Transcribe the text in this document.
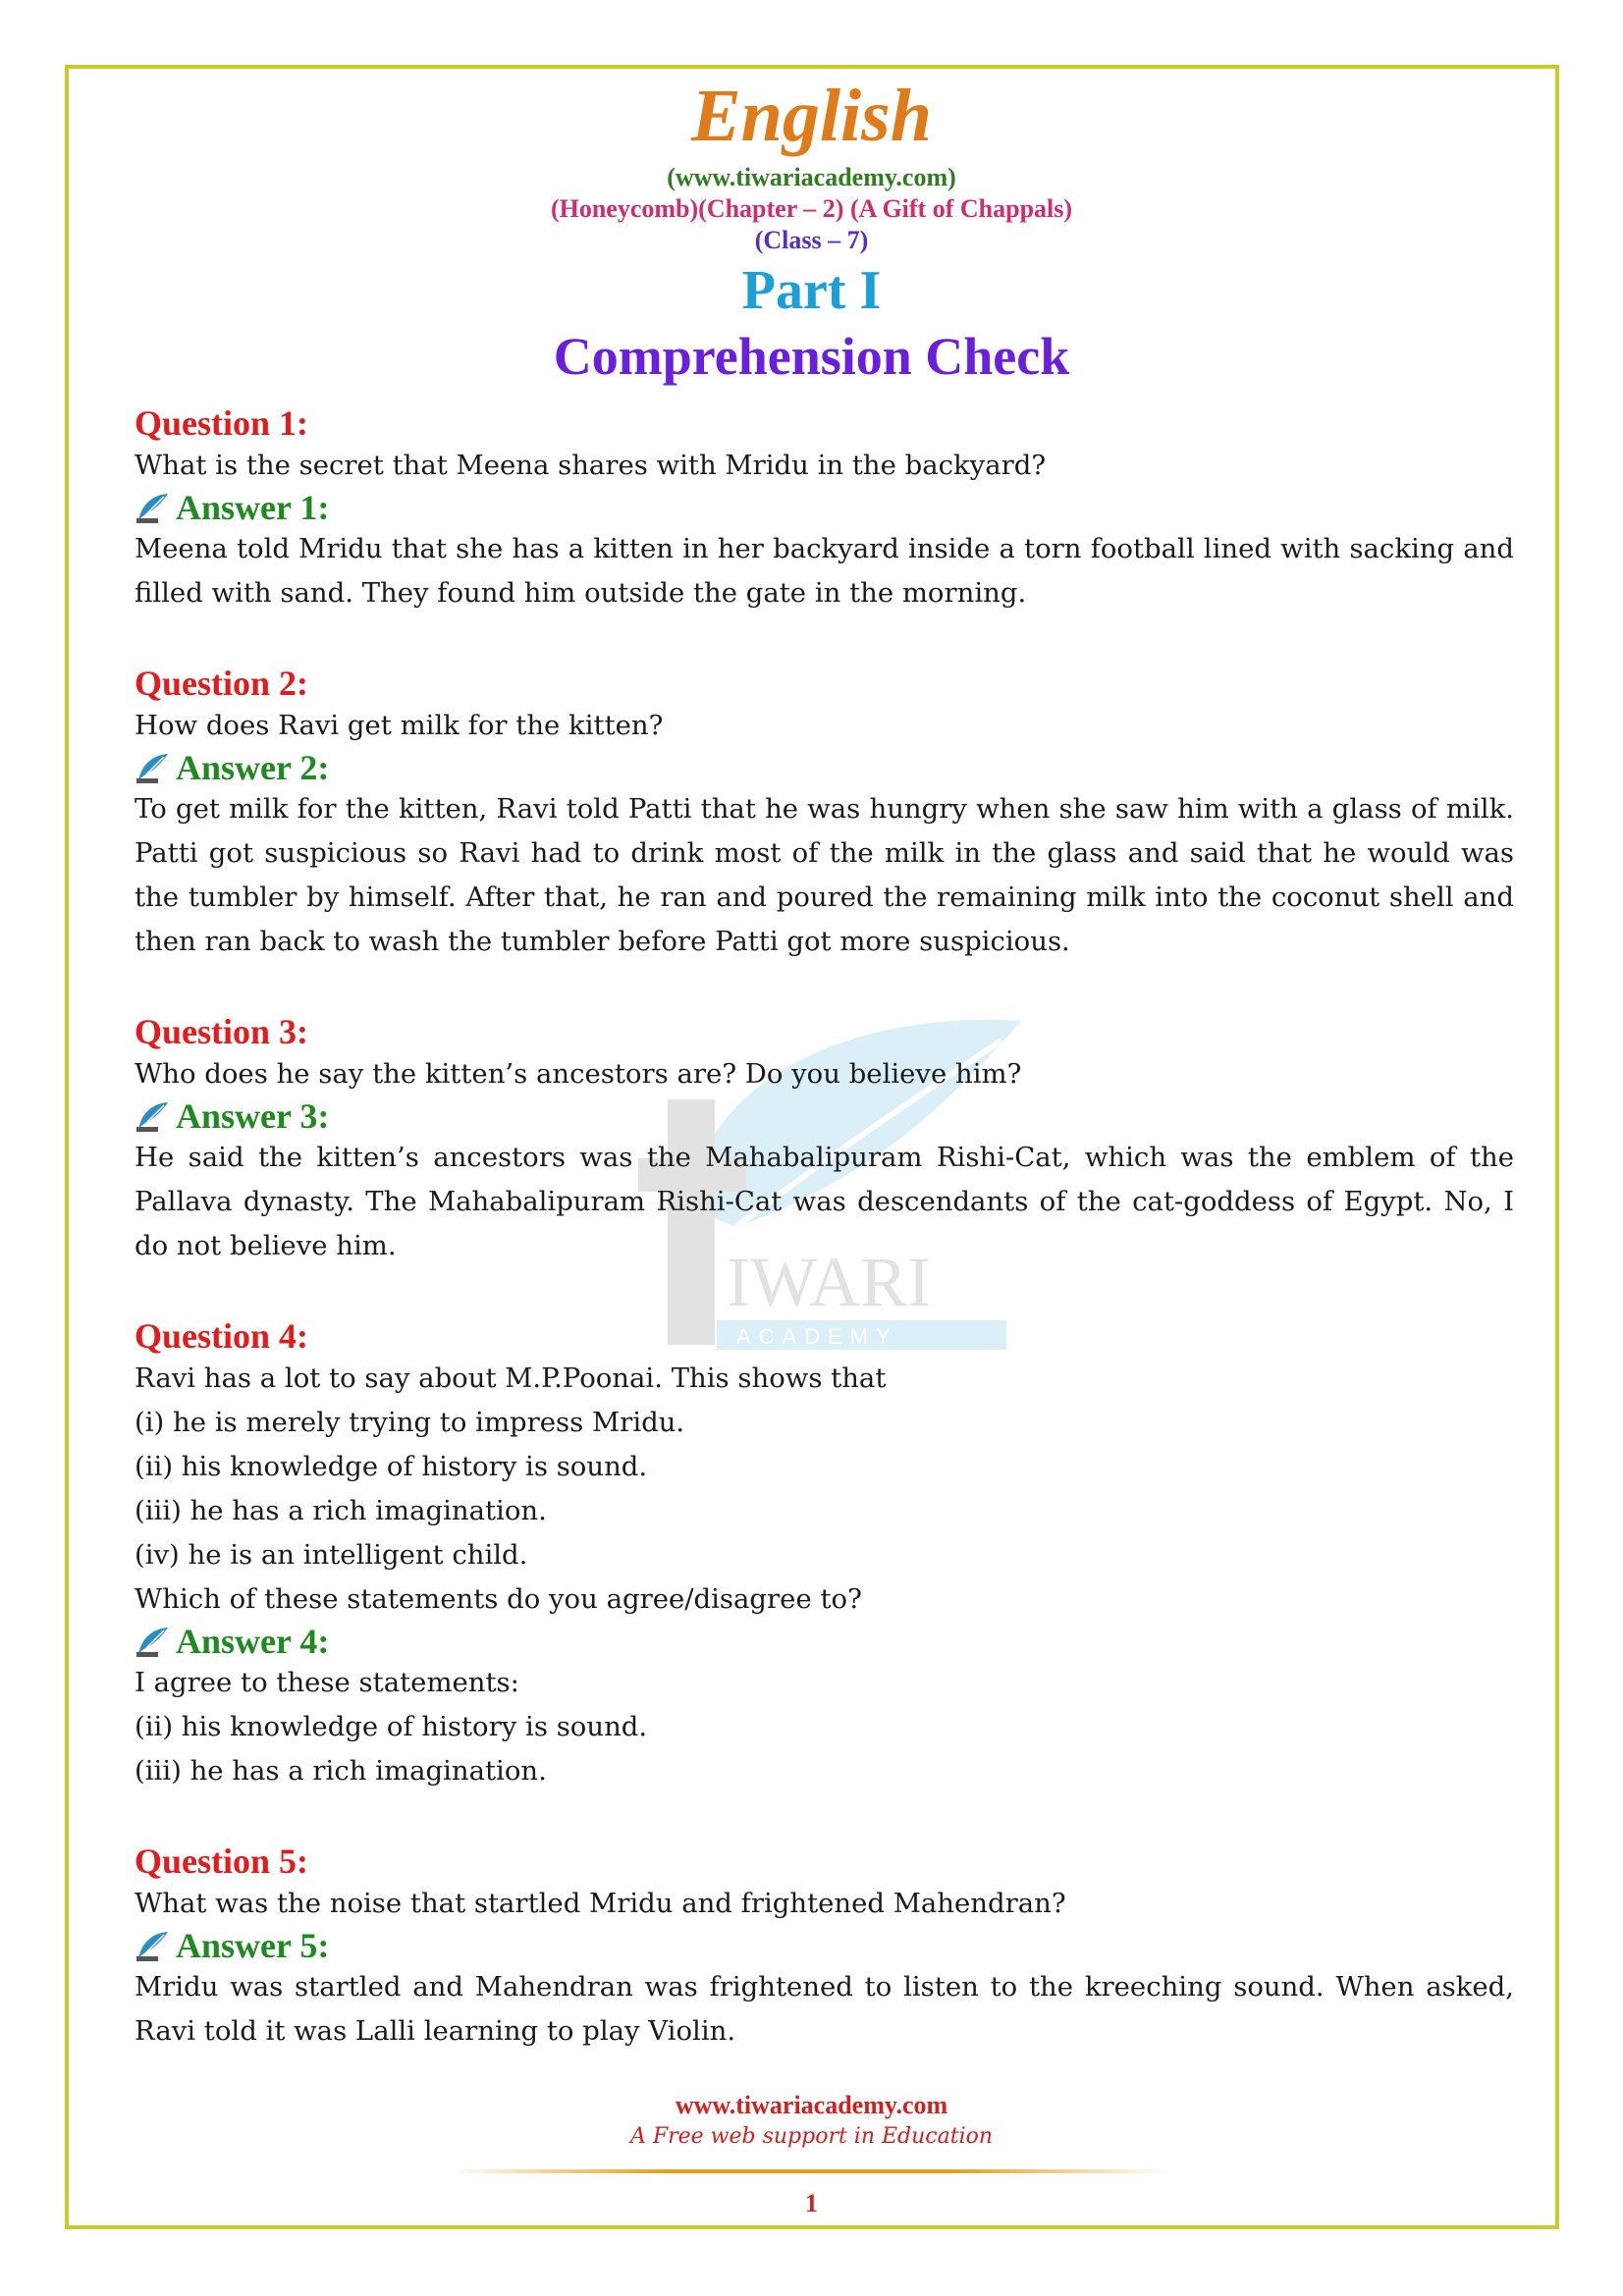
English
(www.tiwariacademy.com)
(Honeycomb)(Chapter – 2) (A Gift of Chappals)
(Class – 7)
Part I
Comprehension Check
IWARI
ACADEMY
Question 1:
What is the secret that Meena shares with Mridu in the backyard?
Answer 1:
Meena told Mridu that she has a kitten in her backyard inside a torn football lined with sacking and filled with sand. They found him outside the gate in the morning.
Question 2:
How does Ravi get milk for the kitten?
Answer 2:
To get milk for the kitten, Ravi told Patti that he was hungry when she saw him with a glass of milk. Patti got suspicious so Ravi had to drink most of the milk in the glass and said that he would was the tumbler by himself. After that, he ran and poured the remaining milk into the coconut shell and then ran back to wash the tumbler before Patti got more suspicious.
Question 3:
Who does he say the kitten’s ancestors are? Do you believe him?
Answer 3:
He said the kitten’s ancestors was the Mahabalipuram Rishi-Cat, which was the emblem of the Pallava dynasty. The Mahabalipuram Rishi-Cat was descendants of the cat-goddess of Egypt. No, I do not believe him.
Question 4:
Ravi has a lot to say about M.P.Poonai. This shows that
(i) he is merely trying to impress Mridu.
(ii) his knowledge of history is sound.
(iii) he has a rich imagination.
(iv) he is an intelligent child.
Which of these statements do you agree/disagree to?
Answer 4:
I agree to these statements:
(ii) his knowledge of history is sound.
(iii) he has a rich imagination.
Question 5:
What was the noise that startled Mridu and frightened Mahendran?
Answer 5:
Mridu was startled and Mahendran was frightened to listen to the kreeching sound. When asked, Ravi told it was Lalli learning to play Violin.
www.tiwariacademy.com
A Free web support in Education
1
